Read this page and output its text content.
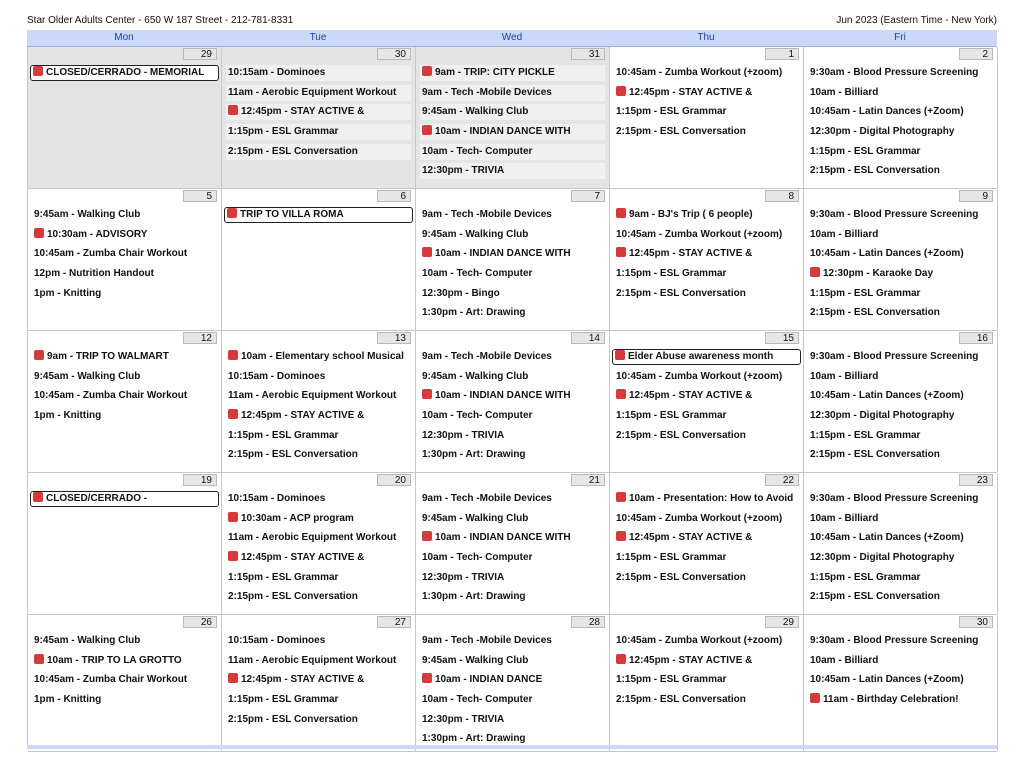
Star Older Adults Center - 650 W 187 Street - 212-781-8331	Jun 2023 (Eastern Time - New York)
Mon	Tue	Wed	Thu	Fri
29
CLOSED/CERRADO - MEMORIAL
30
10:15am - Dominoes
11am - Aerobic Equipment Workout
12:45pm - STAY ACTIVE &
1:15pm - ESL Grammar
2:15pm - ESL Conversation
31
9am - TRIP: CITY PICKLE
9am - Tech -Mobile Devices
9:45am - Walking Club
10am - INDIAN DANCE WITH
10am - Tech- Computer
12:30pm - TRIVIA
1
10:45am - Zumba Workout (+zoom)
12:45pm - STAY ACTIVE &
1:15pm - ESL Grammar
2:15pm - ESL Conversation
2
9:30am - Blood Pressure Screening
10am - Billiard
10:45am - Latin Dances (+Zoom)
12:30pm - Digital Photography
1:15pm - ESL Grammar
2:15pm - ESL Conversation
5
9:45am - Walking Club
10:30am - ADVISORY
10:45am - Zumba Chair Workout
12pm - Nutrition Handout
1pm - Knitting
6
TRIP TO VILLA ROMA
7
9am - Tech -Mobile Devices
9:45am - Walking Club
10am - INDIAN DANCE WITH
10am - Tech- Computer
12:30pm - Bingo
1:30pm - Art: Drawing
8
9am - BJ's Trip ( 6 people)
10:45am - Zumba Workout (+zoom)
12:45pm - STAY ACTIVE &
1:15pm - ESL Grammar
2:15pm - ESL Conversation
9
9:30am - Blood Pressure Screening
10am - Billiard
10:45am - Latin Dances (+Zoom)
12:30pm - Karaoke Day
1:15pm - ESL Grammar
2:15pm - ESL Conversation
12
9am - TRIP TO WALMART
9:45am - Walking Club
10:45am - Zumba Chair Workout
1pm - Knitting
13
10am - Elementary school Musical
10:15am - Dominoes
11am - Aerobic Equipment Workout
12:45pm - STAY ACTIVE &
1:15pm - ESL Grammar
2:15pm - ESL Conversation
14
9am - Tech -Mobile Devices
9:45am - Walking Club
10am - INDIAN DANCE WITH
10am - Tech- Computer
12:30pm - TRIVIA
1:30pm - Art: Drawing
15
Elder Abuse awareness month
10:45am - Zumba Workout (+zoom)
12:45pm - STAY ACTIVE &
1:15pm - ESL Grammar
2:15pm - ESL Conversation
16
9:30am - Blood Pressure Screening
10am - Billiard
10:45am - Latin Dances (+Zoom)
12:30pm - Digital Photography
1:15pm - ESL Grammar
2:15pm - ESL Conversation
19
CLOSED/CERRADO -
20
10:15am - Dominoes
10:30am - ACP program
11am - Aerobic Equipment Workout
12:45pm - STAY ACTIVE &
1:15pm - ESL Grammar
2:15pm - ESL Conversation
21
9am - Tech -Mobile Devices
9:45am - Walking Club
10am - INDIAN DANCE WITH
10am - Tech- Computer
12:30pm - TRIVIA
1:30pm - Art: Drawing
22
10am - Presentation: How to Avoid
10:45am - Zumba Workout (+zoom)
12:45pm - STAY ACTIVE &
1:15pm - ESL Grammar
2:15pm - ESL Conversation
23
9:30am - Blood Pressure Screening
10am - Billiard
10:45am - Latin Dances (+Zoom)
12:30pm - Digital Photography
1:15pm - ESL Grammar
2:15pm - ESL Conversation
26
9:45am - Walking Club
10am - TRIP TO LA GROTTO
10:45am - Zumba Chair Workout
1pm - Knitting
27
10:15am - Dominoes
11am - Aerobic Equipment Workout
12:45pm - STAY ACTIVE &
1:15pm - ESL Grammar
2:15pm - ESL Conversation
28
9am - Tech -Mobile Devices
9:45am - Walking Club
10am - INDIAN DANCE
10am - Tech- Computer
12:30pm - TRIVIA
1:30pm - Art: Drawing
29
10:45am - Zumba Workout (+zoom)
12:45pm - STAY ACTIVE &
1:15pm - ESL Grammar
2:15pm - ESL Conversation
30
9:30am - Blood Pressure Screening
10am - Billiard
10:45am - Latin Dances (+Zoom)
11am - Birthday Celebration!
